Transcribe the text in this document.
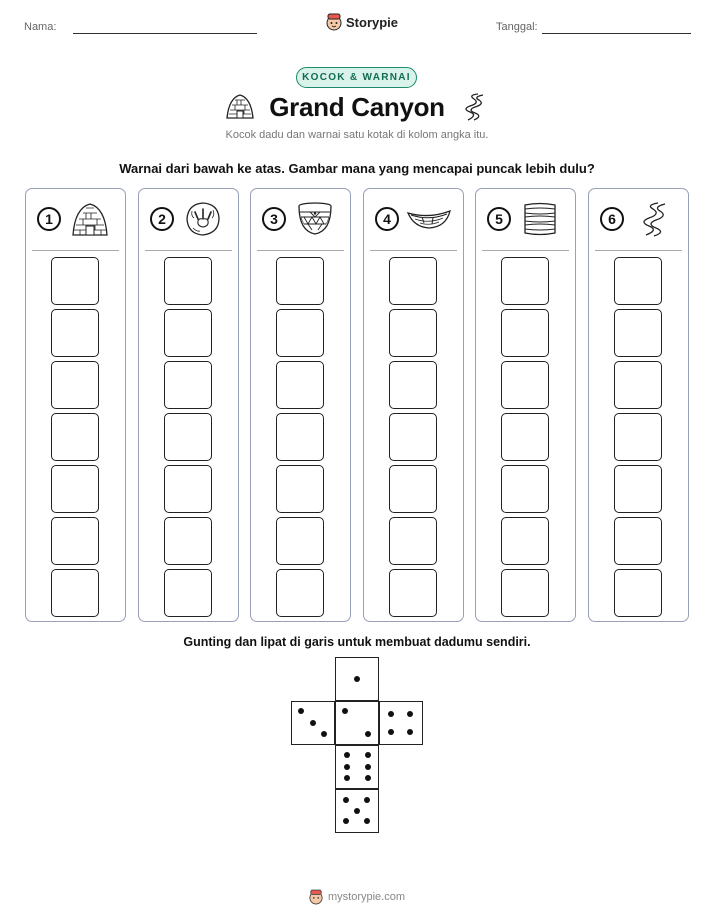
Nama:	Storypie	Tanggal:
KOCOK & WARNAI
Grand Canyon
Kocok dadu dan warnai satu kotak di kolom angka itu.
Warnai dari bawah ke atas. Gambar mana yang mencapai puncak lebih dulu?
1	2	3	4	5	6
Gunting dan lipat di garis untuk membuat dadumu sendiri.
mystorypie.com
